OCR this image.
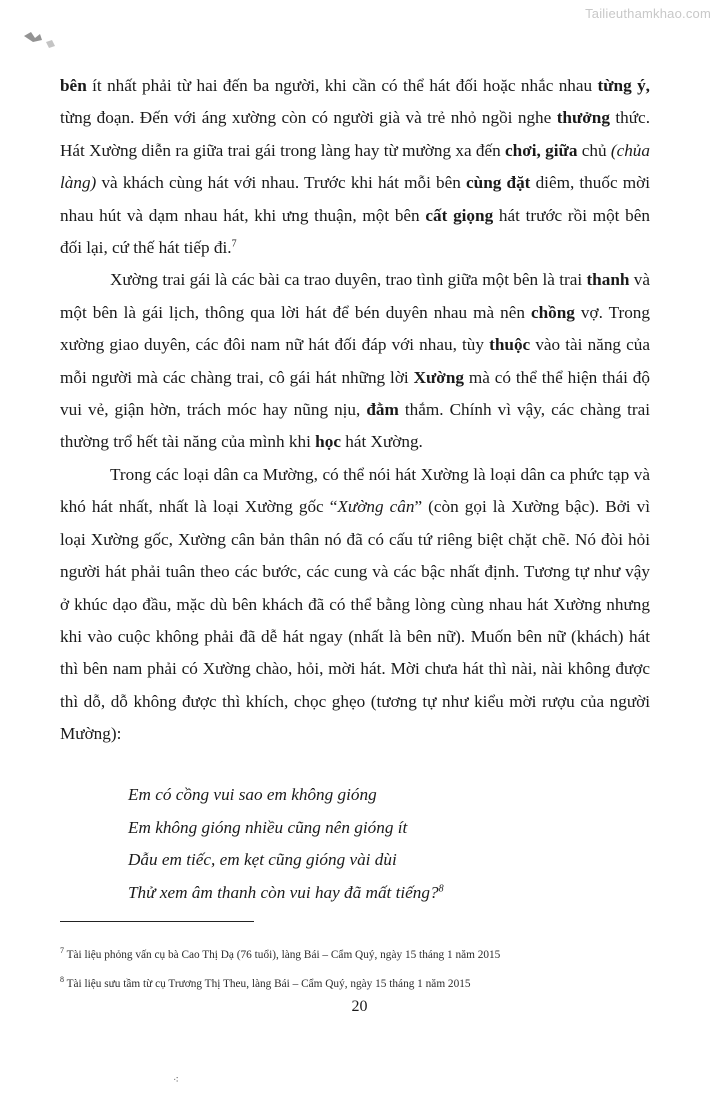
Tailieuthamkhao.com

bên ít nhất phải từ hai đến ba người, khi cần có thể hát đối hoặc nhắc nhau từng ý, từng đoạn. Đến với áng xường còn có người già và trẻ nhỏ ngồi nghe thưởng thức. Hát Xường diễn ra giữa trai gái trong làng hay từ mường xa đến chơi, giữa chủ (chủa làng) và khách cùng hát với nhau. Trước khi hát mỗi bên cùng đặt diêm, thuốc mời nhau hút và dạm nhau hát, khi ưng thuận, một bên cất giọng hát trước rồi một bên đối lại, cứ thế hát tiếp đi.$^7$

Xường trai gái là các bài ca trao duyên, trao tình giữa một bên là trai thanh và một bên là gái lịch, thông qua lời hát để bén duyên nhau mà nên chồng vợ. Trong xường giao duyên, các đôi nam nữ hát đối đáp với nhau, tùy thuộc vào tài năng của mỗi người mà các chàng trai, cô gái hát những lời Xường mà có thể thể hiện thái độ vui vẻ, giận hờn, trách móc hay nũng nịu, đằm thắm. Chính vì vậy, các chàng trai thường trổ hết tài năng của mình khi học hát Xường.

Trong các loại dân ca Mường, có thể nói hát Xường là loại dân ca phức tạp và khó hát nhất, nhất là loại Xường gốc “Xường cân” (còn gọi là Xường bậc). Bởi vì loại Xường gốc, Xường cân bản thân nó đã có cấu tứ riêng biệt chặt chẽ. Nó đòi hỏi người hát phải tuân theo các bước, các cung và các bậc nhất định. Tương tự như vậy ở khúc dạo đầu, mặc dù bên khách đã có thể bằng lòng cùng nhau hát Xường nhưng khi vào cuộc không phải đã dễ hát ngay (nhất là bên nữ). Muốn bên nữ (khách) hát thì bên nam phải có Xường chào, hỏi, mời hát. Mời chưa hát thì nài, nài không được thì dỗ, dỗ không được thì khích, chọc ghẹo (tương tự như kiểu mời rượu của người Mường):

Em có cồng vui sao em không gióng
Em không gióng nhiều cũng nên gióng ít
Dẫu em tiếc, em kẹt cũng gióng vài dùi
Thử xem âm thanh còn vui hay đã mất tiếng?$^8$
$^7$ Tài liệu phỏng vấn cụ bà Cao Thị Dạ (76 tuổi), làng Bái – Cẩm Quý, ngày 15 tháng 1 năm 2015
$^8$ Tài liệu sưu tầm từ cụ Trương Thị Theu, làng Bái – Cẩm Quý, ngày 15 tháng 1 năm 2015
20
⁖
